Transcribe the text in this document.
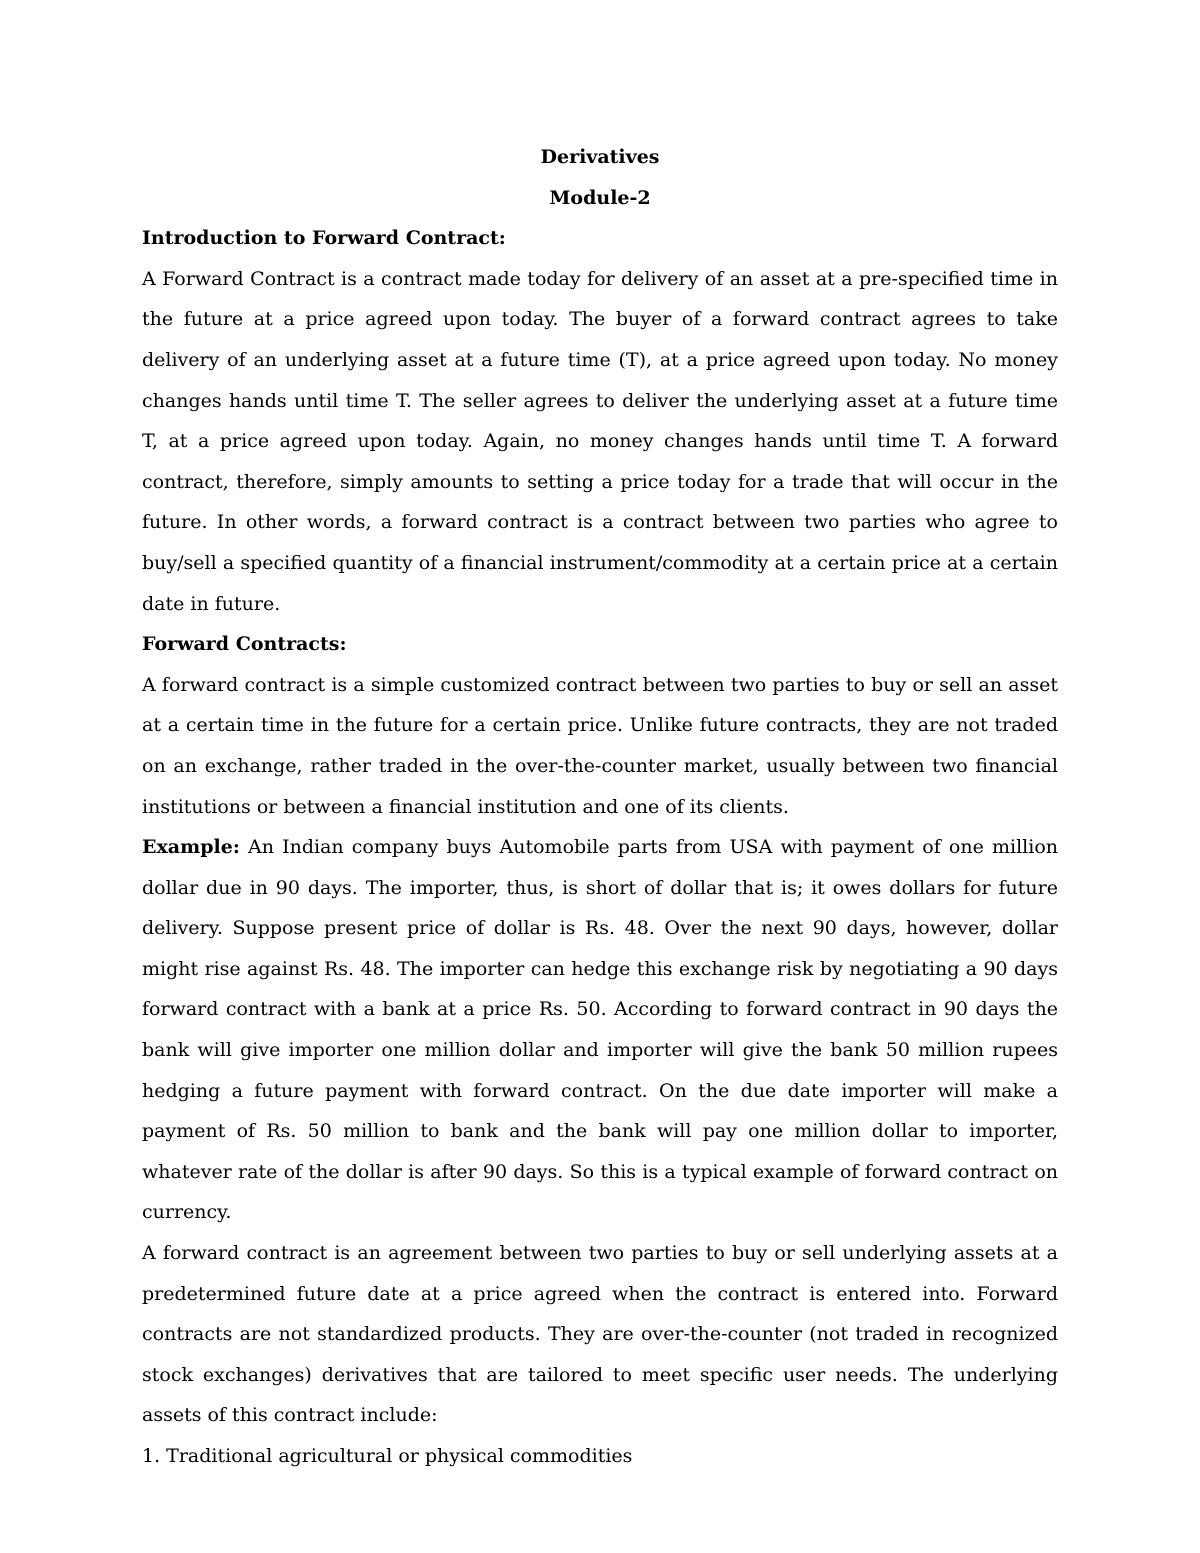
Derivatives

Module-2

Introduction to Forward Contract:

A Forward Contract is a contract made today for delivery of an asset at a pre-specified time in the future at a price agreed upon today. The buyer of a forward contract agrees to take delivery of an underlying asset at a future time (T), at a price agreed upon today. No money changes hands until time T. The seller agrees to deliver the underlying asset at a future time T, at a price agreed upon today. Again, no money changes hands until time T. A forward contract, therefore, simply amounts to setting a price today for a trade that will occur in the future. In other words, a forward contract is a contract between two parties who agree to buy/sell a specified quantity of a financial instrument/commodity at a certain price at a certain date in future.

Forward Contracts:

A forward contract is a simple customized contract between two parties to buy or sell an asset at a certain time in the future for a certain price. Unlike future contracts, they are not traded on an exchange, rather traded in the over-the-counter market, usually between two financial institutions or between a financial institution and one of its clients.

Example: An Indian company buys Automobile parts from USA with payment of one million dollar due in 90 days. The importer, thus, is short of dollar that is; it owes dollars for future delivery. Suppose present price of dollar is Rs. 48. Over the next 90 days, however, dollar might rise against Rs. 48. The importer can hedge this exchange risk by negotiating a 90 days forward contract with a bank at a price Rs. 50. According to forward contract in 90 days the bank will give importer one million dollar and importer will give the bank 50 million rupees hedging a future payment with forward contract. On the due date importer will make a payment of Rs. 50 million to bank and the bank will pay one million dollar to importer, whatever rate of the dollar is after 90 days. So this is a typical example of forward contract on currency.

A forward contract is an agreement between two parties to buy or sell underlying assets at a predetermined future date at a price agreed when the contract is entered into. Forward contracts are not standardized products. They are over-the-counter (not traded in recognized stock exchanges) derivatives that are tailored to meet specific user needs. The underlying assets of this contract include:

1. Traditional agricultural or physical commodities
